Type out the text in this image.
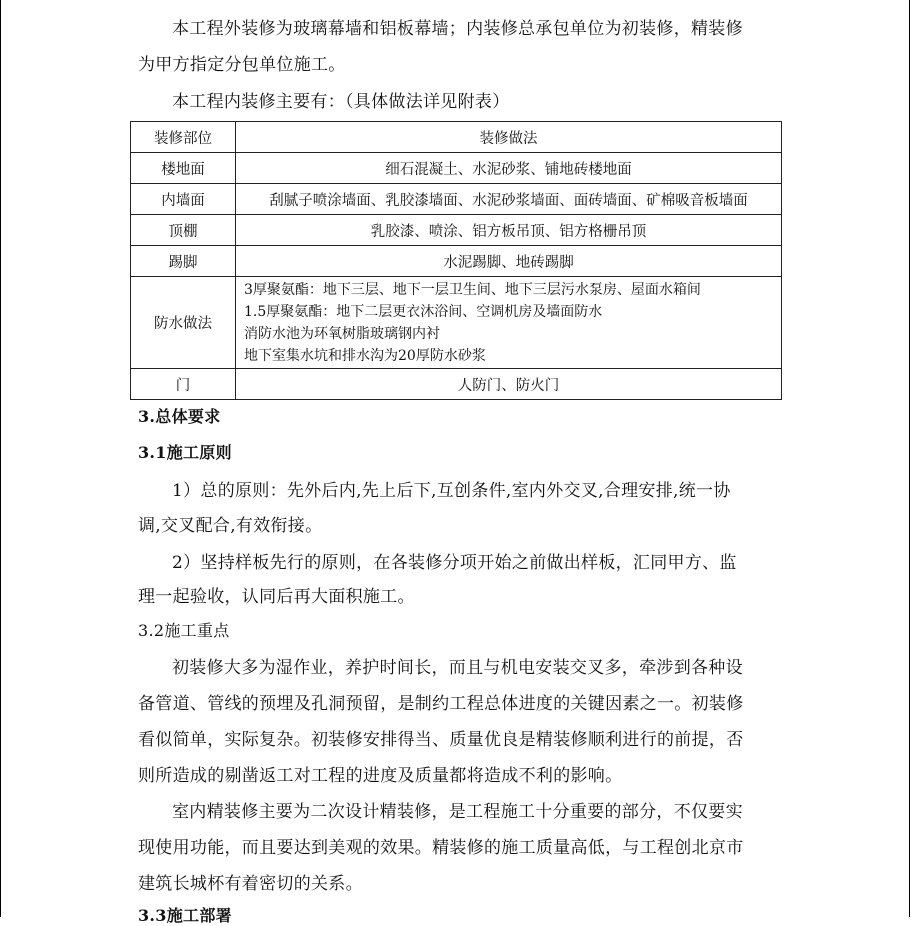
本工程外装修为玻璃幕墙和铝板幕墙；内装修总承包单位为初装修，精装修
为甲方指定分包单位施工。
本工程内装修主要有：（具体做法详见附表）
装修部位	装修做法
楼地面	细石混凝土、水泥砂浆、铺地砖楼地面
内墙面	刮腻子喷涂墙面、乳胶漆墙面、水泥砂浆墙面、面砖墙面、矿棉吸音板墙面
顶棚	乳胶漆、喷涂、铝方板吊顶、铝方格栅吊顶
踢脚	水泥踢脚、地砖踢脚
防水做法	3厚聚氨酯：地下三层、地下一层卫生间、地下三层污水泵房、屋面水箱间
1.5厚聚氨酯：地下二层更衣沐浴间、空调机房及墙面防水
消防水池为环氧树脂玻璃钢内衬
地下室集水坑和排水沟为20厚防水砂浆

门	人防门、防火门
3.总体要求
3.1施工原则
1）总的原则：先外后内,先上后下,互创条件,室内外交叉,合理安排,统一协
调,交叉配合,有效衔接。
2）坚持样板先行的原则，在各装修分项开始之前做出样板，汇同甲方、监
理一起验收，认同后再大面积施工。
3.2施工重点
初装修大多为湿作业，养护时间长，而且与机电安装交叉多，牵涉到各种设
备管道、管线的预埋及孔洞预留，是制约工程总体进度的关键因素之一。初装修
看似简单，实际复杂。初装修安排得当、质量优良是精装修顺利进行的前提，否
则所造成的剔凿返工对工程的进度及质量都将造成不利的影响。
室内精装修主要为二次设计精装修，是工程施工十分重要的部分，不仅要实
现使用功能，而且要达到美观的效果。精装修的施工质量高低，与工程创北京市
建筑长城杯有着密切的关系。
3.3施工部署
